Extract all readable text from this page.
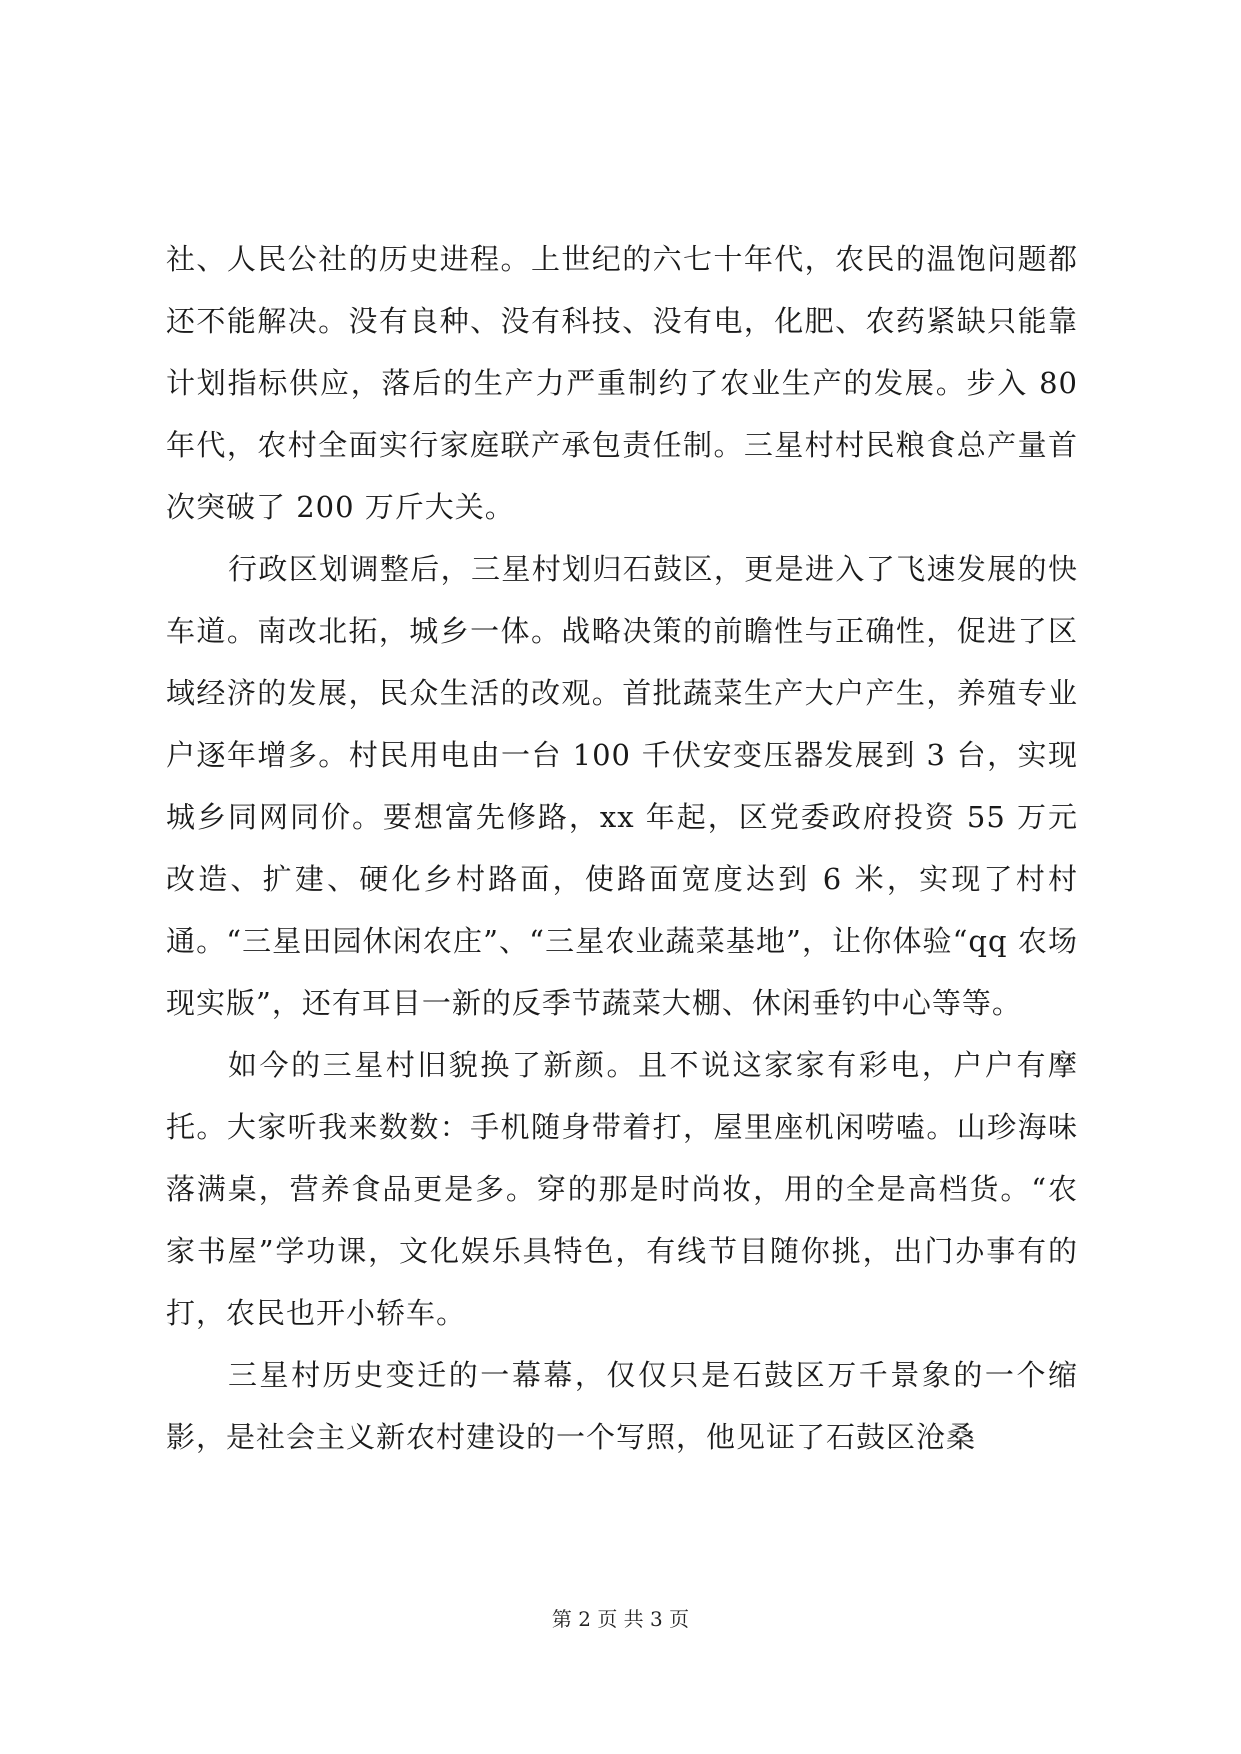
社、人民公社的历史进程。上世纪的六七十年代，农民的温饱问题都还不能解决。没有良种、没有科技、没有电，化肥、农药紧缺只能靠计划指标供应，落后的生产力严重制约了农业生产的发展。步入 80 年代，农村全面实行家庭联产承包责任制。三星村村民粮食总产量首次突破了 200 万斤大关。

行政区划调整后，三星村划归石鼓区，更是进入了飞速发展的快车道。南改北拓，城乡一体。战略决策的前瞻性与正确性，促进了区域经济的发展，民众生活的改观。首批蔬菜生产大户产生，养殖专业户逐年增多。村民用电由一台 100 千伏安变压器发展到 3 台，实现城乡同网同价。要想富先修路，xx 年起，区党委政府投资 55 万元改造、扩建、硬化乡村路面，使路面宽度达到 6 米，实现了村村通。“三星田园休闲农庄”、“三星农业蔬菜基地”，让你体验“qq 农场现实版”，还有耳目一新的反季节蔬菜大棚、休闲垂钓中心等等。

如今的三星村旧貌换了新颜。且不说这家家有彩电，户户有摩托。大家听我来数数：手机随身带着打，屋里座机闲唠嗑。山珍海味落满桌，营养食品更是多。穿的那是时尚妆，用的全是高档货。“农家书屋”学功课，文化娱乐具特色，有线节目随你挑，出门办事有的打，农民也开小轿车。

三星村历史变迁的一幕幕，仅仅只是石鼓区万千景象的一个缩影，是社会主义新农村建设的一个写照，他见证了石鼓区沧桑

第 2 页 共 3 页
